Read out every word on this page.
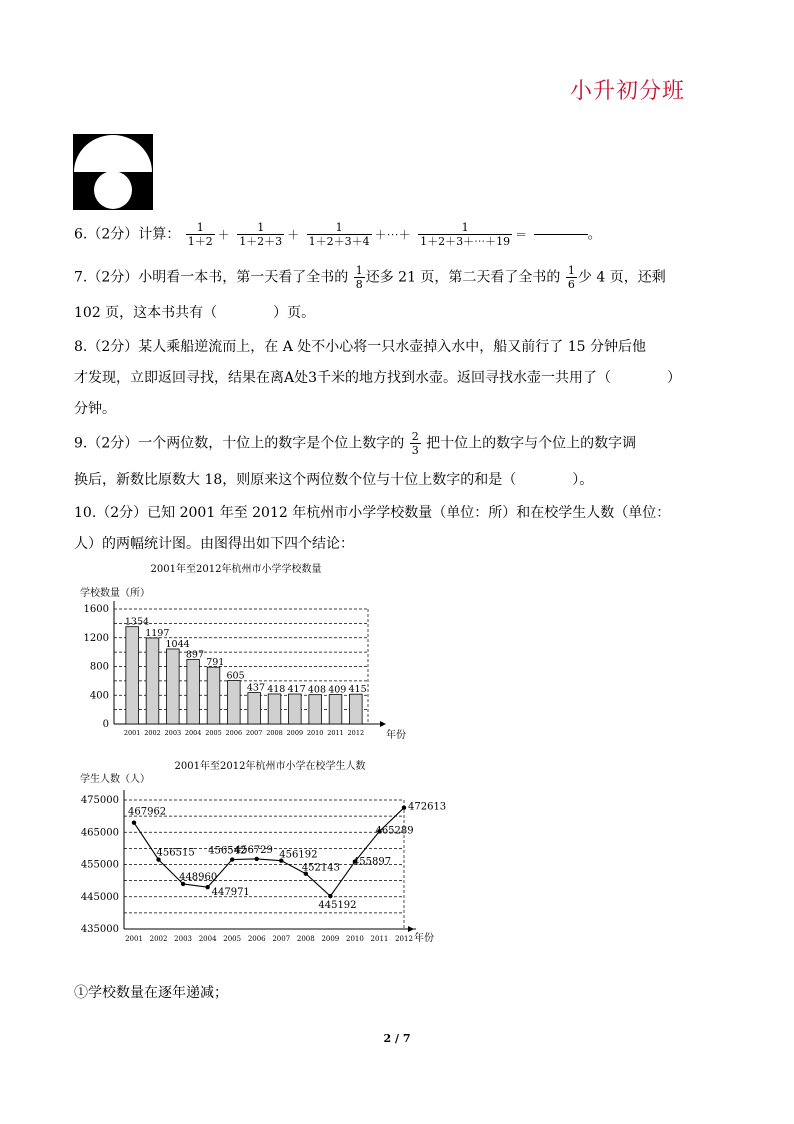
小升初分班
6.（2分）计算： $\frac{1}{1+2} + \frac{1}{1+2+3} + \frac{1}{1+2+3+4}$ ＋⋯＋ $\frac{1}{1+2+3+\cdots+19}$ ＝	。
7.（2分）小明看一本书，第一天看了全书的 $\frac{1}{8}$ 还多 21 页，第二天看了全书的 $\frac{1}{6}$ 少 4 页，还剩
102 页，这本书共有（　　　　）页。
8.（2分）某人乘船逆流而上，在 A 处不小心将一只水壶掉入水中，船又前行了 15 分钟后他
才发现，立即返回寻找，结果在离A处3千米的地方找到水壶。返回寻找水壶一共用了（　　　　）
分钟。
9.（2分）一个两位数，十位上的数字是个位上数字的 $\frac{2}{3}$ 把十位上的数字与个位上的数字调
换后，新数比原数大 18，则原来这个两位数个位与十位上数字的和是（　　　　）。
10.（2分）已知 2001 年至 2012 年杭州市小学学校数量（单位：所）和在校学生人数（单位：
人）的两幅统计图。由图得出如下四个结论：
2001年至2012年杭州市小学学校数量
学校数量（所）
0
400
800
1200
1600
1354
2001
1197
2002
1044
2003
897
2004
791
2005
605
2006
437
2007
418
2008
417
2009
408
2010
409
2011
415
2012 年份
2001年至2012年杭州市小学在校学生人数
学生人数（人）
435000
445000
455000
465000
475000
467962
2001
456515
2002
448960
2003
447971
2004
456542
2005
456729
2006
456192
2007
452143
2008
445192
2009
455897
2010
465289
2011
472613
2012 年份
①学校数量在逐年递减；
2 / 7
